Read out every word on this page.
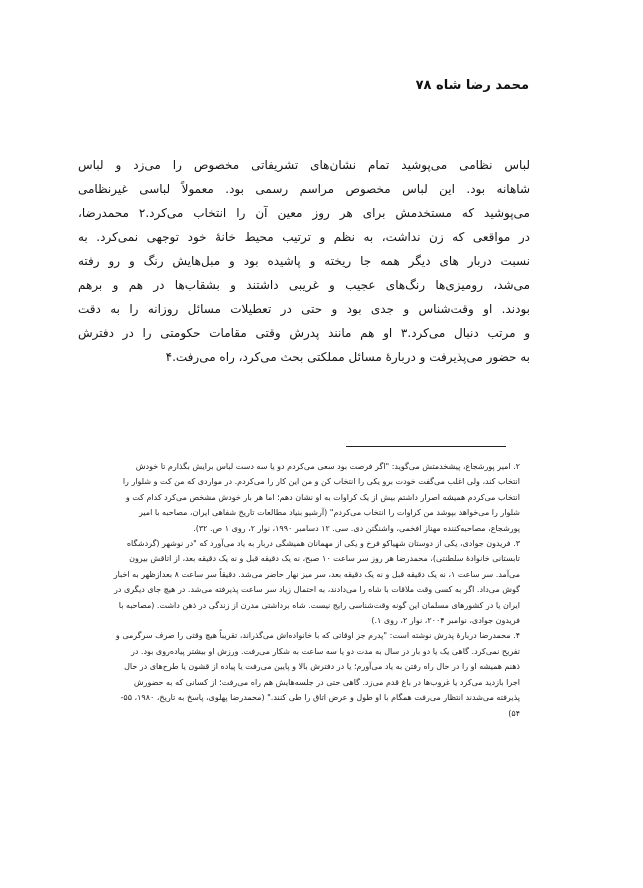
محمد رضا شاه ۷۸
لباس نظامی می‌پوشید تمام نشان‌های تشریفاتی مخصوص را می‌زد و لباس
شاهانه بود. این لباس مخصوص مراسم رسمی بود. معمولاً لباسی غیرنظامی
می‌پوشید که مستخدمش برای هر روز معین آن را انتخاب می‌کرد.۲ محمدرضا،
در مواقعی که زن نداشت، به نظم و ترتیب محیط خانهٔ خود توجهی نمی‌کرد. به
نسبت دربار های دیگر همه جا ریخته و پاشیده بود و مبل‌هایش رنگ و رو رفته
می‌شد، رومیزی‌ها رنگ‌های عجیب و غریبی داشتند و بشقاب‌ها در هم و برهم
بودند. او وقت‌شناس و جدی بود و حتی در تعطیلات مسائل روزانه را به دقت
و مرتب دنبال می‌کرد.۳ او هم مانند پدرش وقتی مقامات حکومتی را در دفترش
به حضور می‌پذیرفت و دربارهٔ مسائل مملکتی بحث می‌کرد، راه می‌رفت.۴
۲. امیر پورشجاع، پیشخدمتش می‌گوید: "اگر فرصت بود سعی می‌کردم دو یا سه دست لباس برایش بگذارم تا خودش
انتخاب کند، ولی اغلب می‌گفت خودت برو یکی را انتخاب کن و من این کار را می‌کردم. در مواردی که من کت و شلوار را
انتخاب می‌کردم همیشه اصرار داشتم بیش از یک کراوات به او نشان دهم؛ اما هر بار خودش مشخص می‌کرد کدام کت و
شلوار را می‌خواهد بپوشد من کراوات را انتخاب می‌کردم" (آرشیو بنیاد مطالعات تاریخ شفاهی ایران، مصاحبه با امیر
پورشجاع، مصاحبه‌کننده مهناز افخمی، واشنگتن دی. سی. ۱۲ دسامبر ۱۹۹۰، نوار ۲، روی ۱ ص. ۳۲).
۳. فریدون جوادی، یکی از دوستان شهیاکو فرخ و یکی از مهمانان همیشگی دربار به یاد می‌آورد که "در نوشهر (گردشگاه
تابستانی خانوادهٔ سلطنتی)، محمدرضا هر روز سر ساعت ۱۰ صبح، نه یک دقیقه قبل و نه یک دقیقه بعد، از اتاقش بیرون
می‌آمد. سر ساعت ۱، نه یک دقیقه قبل و نه یک دقیقه بعد، سر میز نهار حاضر می‌شد. دقیقاً سر ساعت ۸ بعدازظهر به اخبار
گوش می‌داد. اگر به کسی وقت ملاقات با شاه را می‌دادند، به احتمال زیاد سر ساعت پذیرفته می‌شد. در هیچ جای دیگری در
ایران یا در کشورهای مسلمان این گونه وقت‌شناسی رایج نیست. شاه برداشتی مدرن از زندگی در ذهن داشت. (مصاحبه با
فریدون جوادی، نوامبر ۲۰۰۴، نوار ۲، روی ۱.)
۴. محمدرضا دربارهٔ پدرش نوشته است: "پدرم جز اوقاتی که با خانواده‌اش می‌گذراند، تقریباً هیچ وقتی را صرف سرگرمی و
تفریح نمی‌کرد. گاهی یک یا دو بار در سال به مدت دو یا سه ساعت به شکار می‌رفت. ورزش او بیشتر پیاده‌روی بود. در
ذهنم همیشه او را در حال راه رفتن به یاد می‌آورم؛ یا در دفترش بالا و پایین می‌رفت یا پیاده از قشون یا طرح‌های در حال
اجرا بازدید می‌کرد یا غروب‌ها در باغ قدم می‌زد. گاهی حتی در جلسه‌هایش هم راه می‌رفت؛ از کسانی که به حضورش
پذیرفته می‌شدند انتظار می‌رفت همگام با او طول و عرض اتاق را طی کنند." (محمدرضا پهلوی، پاسخ به تاریخ، ۱۹۸۰، ۵۵-
۵۴)
